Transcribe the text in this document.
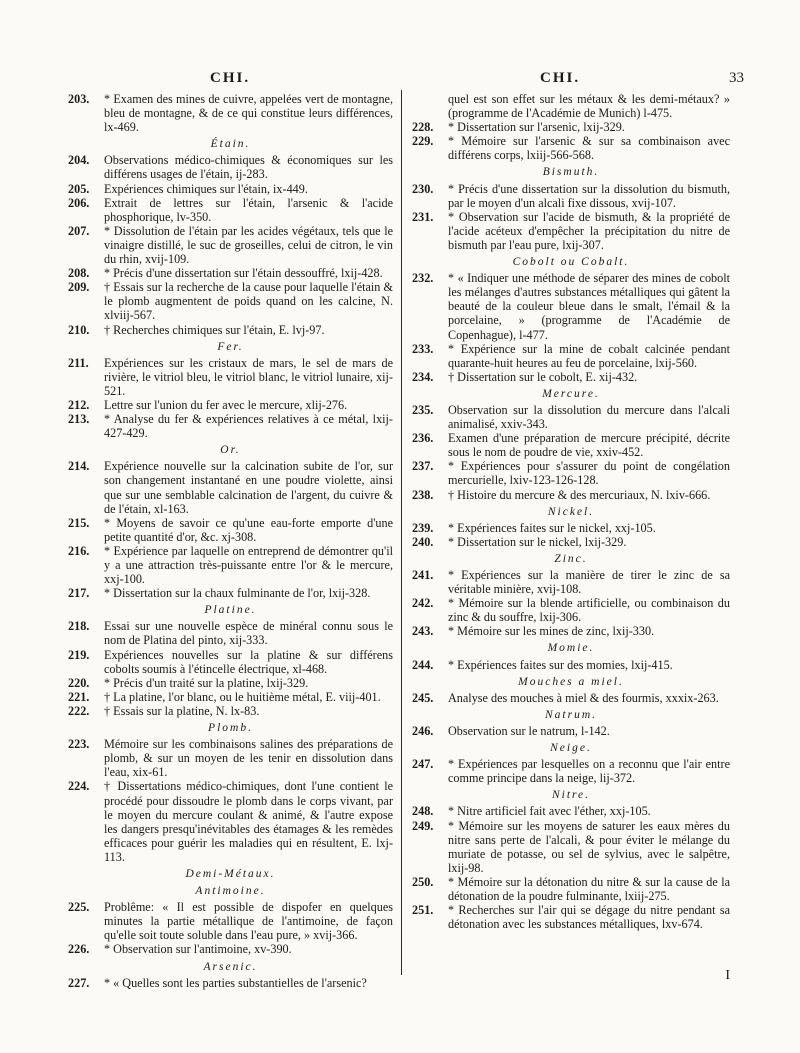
CHI.	CHI.	33
203.	* Examen des mines de cuivre, appelées vert de montagne, bleu de montagne, & de ce qui constitue leurs différences, lx-469.
Étain.
204.	Observations médico-chimiques & économiques sur les différens usages de l'étain, ij-283.
205.	Expériences chimiques sur l'étain, ix-449.
206.	Extrait de lettres sur l'étain, l'arsenic & l'acide phosphorique, lv-350.
207.	* Dissolution de l'étain par les acides végétaux, tels que le vinaigre distillé, le suc de groseilles, celui de citron, le vin du rhin, xvij-109.
208.	* Précis d'une dissertation sur l'étain dessouffré, lxij-428.
209.	† Essais sur la recherche de la cause pour laquelle l'étain & le plomb augmentent de poids quand on les calcine, N. xlviij-567.
210.	† Recherches chimiques sur l'étain, E. lvj-97.
Fer.
211.	Expériences sur les cristaux de mars, le sel de mars de rivière, le vitriol bleu, le vitriol blanc, le vitriol lunaire, xij-521.
212.	Lettre sur l'union du fer avec le mercure, xlij-276.
213.	* Analyse du fer & expériences relatives à ce métal, lxij-427-429.
Or.
214.	Expérience nouvelle sur la calcination subite de l'or, sur son changement instantané en une poudre violette, ainsi que sur une semblable calcination de l'argent, du cuivre & de l'étain, xl-163.
215.	* Moyens de savoir ce qu'une eau-forte emporte d'une petite quantité d'or, &c. xj-308.
216.	* Expérience par laquelle on entreprend de démontrer qu'il y a une attraction très-puissante entre l'or & le mercure, xxj-100.
217.	* Dissertation sur la chaux fulminante de l'or, lxij-328.
Platine.
218.	Essai sur une nouvelle espèce de minéral connu sous le nom de Platina del pinto, xij-333.
219.	Expériences nouvelles sur la platine & sur différens cobolts soumis à l'étincelle électrique, xl-468.
220.	* Précis d'un traité sur la platine, lxij-329.
221.	† La platine, l'or blanc, ou le huitième métal, E. viij-401.
222.	† Essais sur la platine, N. lx-83.
Plomb.
223.	Mémoire sur les combinaisons salines des préparations de plomb, & sur un moyen de les tenir en dissolution dans l'eau, xix-61.
224.	† Dissertations médico-chimiques, dont l'une contient le procédé pour dissoudre le plomb dans le corps vivant, par le moyen du mercure coulant & animé, & l'autre expose les dangers presqu'inévitables des étamages & les remèdes efficaces pour guérir les maladies qui en résultent, E. lxj-113.
Demi-Métaux.
Antimoine.
225.	Problême: « Il est possible de dispofer en quelques minutes la partie métallique de l'antimoine, de façon qu'elle soit toute soluble dans l'eau pure, » xvij-366.
226.	* Observation sur l'antimoine, xv-390.
Arsenic.
227.	* « Quelles sont les parties substantielles de l'arsenic?
quel est son effet sur les métaux & les demi-métaux? » (programme de l'Académie de Munich) l-475.
228.	* Dissertation sur l'arsenic, lxij-329.
229.	* Mémoire sur l'arsenic & sur sa combinaison avec différens corps, lxiij-566-568.
Bismuth.
230.	* Précis d'une dissertation sur la dissolution du bismuth, par le moyen d'un alcali fixe dissous, xvij-107.
231.	* Observation sur l'acide de bismuth, & la propriété de l'acide acéteux d'empêcher la précipitation du nitre de bismuth par l'eau pure, lxij-307.
Cobolt ou Cobalt.
232.	* « Indiquer une méthode de séparer des mines de cobolt les mélanges d'autres substances métalliques qui gâtent la beauté de la couleur bleue dans le smalt, l'émail & la porcelaine, » (programme de l'Académie de Copenhague), l-477.
233.	* Expérience sur la mine de cobalt calcinée pendant quarante-huit heures au feu de porcelaine, lxij-560.
234.	† Dissertation sur le cobolt, E. xij-432.
Mercure.
235.	Observation sur la dissolution du mercure dans l'alcali animalisé, xxiv-343.
236.	Examen d'une préparation de mercure précipité, décrite sous le nom de poudre de vie, xxiv-452.
237.	* Expériences pour s'assurer du point de congélation mercurielle, lxiv-123-126-128.
238.	† Histoire du mercure & des mercuriaux, N. lxiv-666.
Nickel.
239.	* Expériences faites sur le nickel, xxj-105.
240.	* Dissertation sur le nickel, lxij-329.
Zinc.
241.	* Expériences sur la manière de tirer le zinc de sa véritable minière, xvij-108.
242.	* Mémoire sur la blende artificielle, ou combinaison du zinc & du souffre, lxij-306.
243.	* Mémoire sur les mines de zinc, lxij-330.
Momie.
244.	* Expériences faites sur des momies, lxij-415.
Mouches a miel.
245.	Analyse des mouches à miel & des fourmis, xxxix-263.
Natrum.
246.	Observation sur le natrum, l-142.
Neige.
247.	* Expériences par lesquelles on a reconnu que l'air entre comme principe dans la neige, lij-372.
Nitre.
248.	* Nitre artificiel fait avec l'éther, xxj-105.
249.	* Mémoire sur les moyens de saturer les eaux mères du nitre sans perte de l'alcali, & pour éviter le mélange du muriate de potasse, ou sel de sylvius, avec le salpêtre, lxij-98.
250.	* Mémoire sur la détonation du nitre & sur la cause de la détonation de la poudre fulminante, lxiij-275.
251.	* Recherches sur l'air qui se dégage du nitre pendant sa détonation avec les substances métalliques, lxv-674.
I
